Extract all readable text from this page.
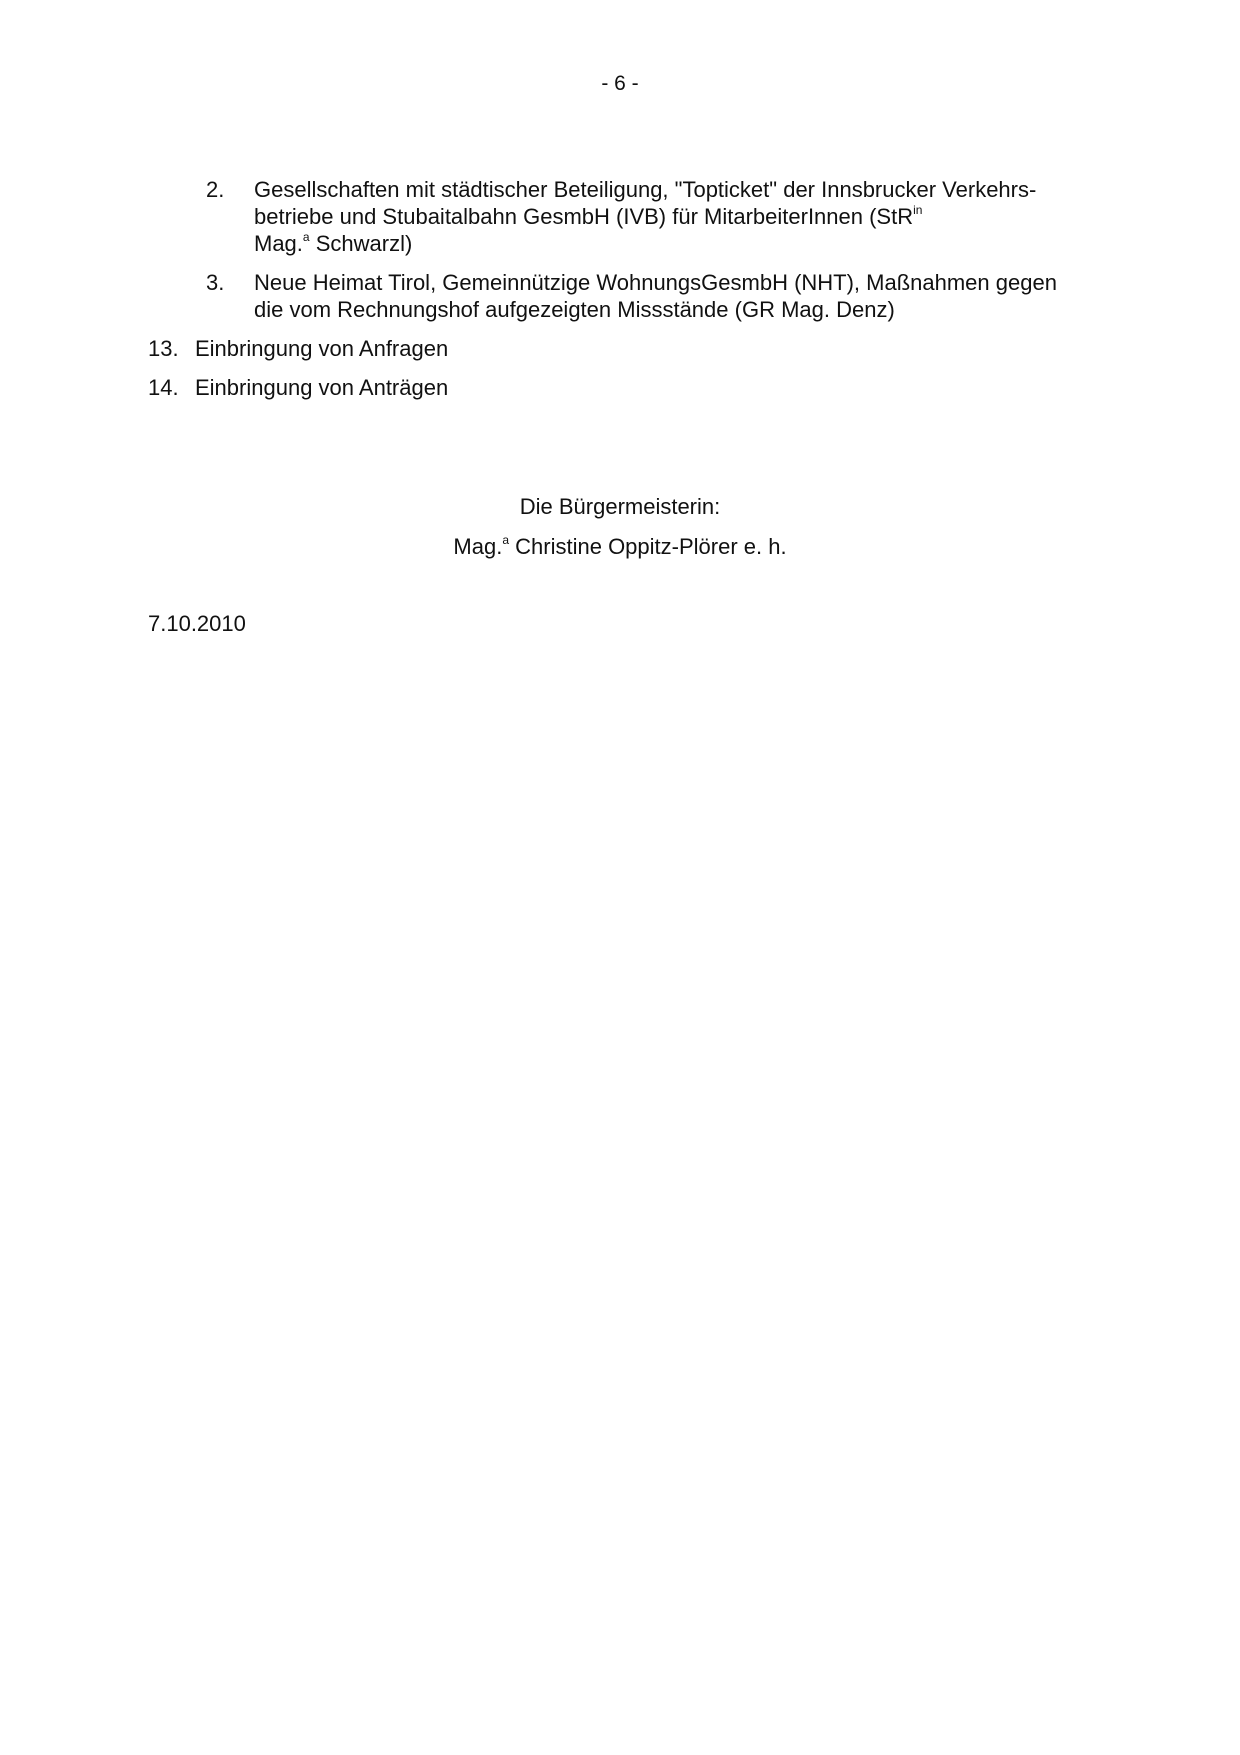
- 6 -
2. Gesellschaften mit städtischer Beteiligung, "Topticket" der Innsbrucker Verkehrs-
betriebe und Stubaitalbahn GesmbH (IVB) für MitarbeiterInnen (StR$^{in}$
Mag.$^a$ Schwarzl)
3. Neue Heimat Tirol, Gemeinnützige WohnungsGesmbH (NHT), Maßnahmen gegen
die vom Rechnungshof aufgezeigten Missstände (GR Mag. Denz)
13. Einbringung von Anfragen
14. Einbringung von Anträgen
Die Bürgermeisterin:
Mag.$^a$ Christine Oppitz-Plörer e. h.
7.10.2010
